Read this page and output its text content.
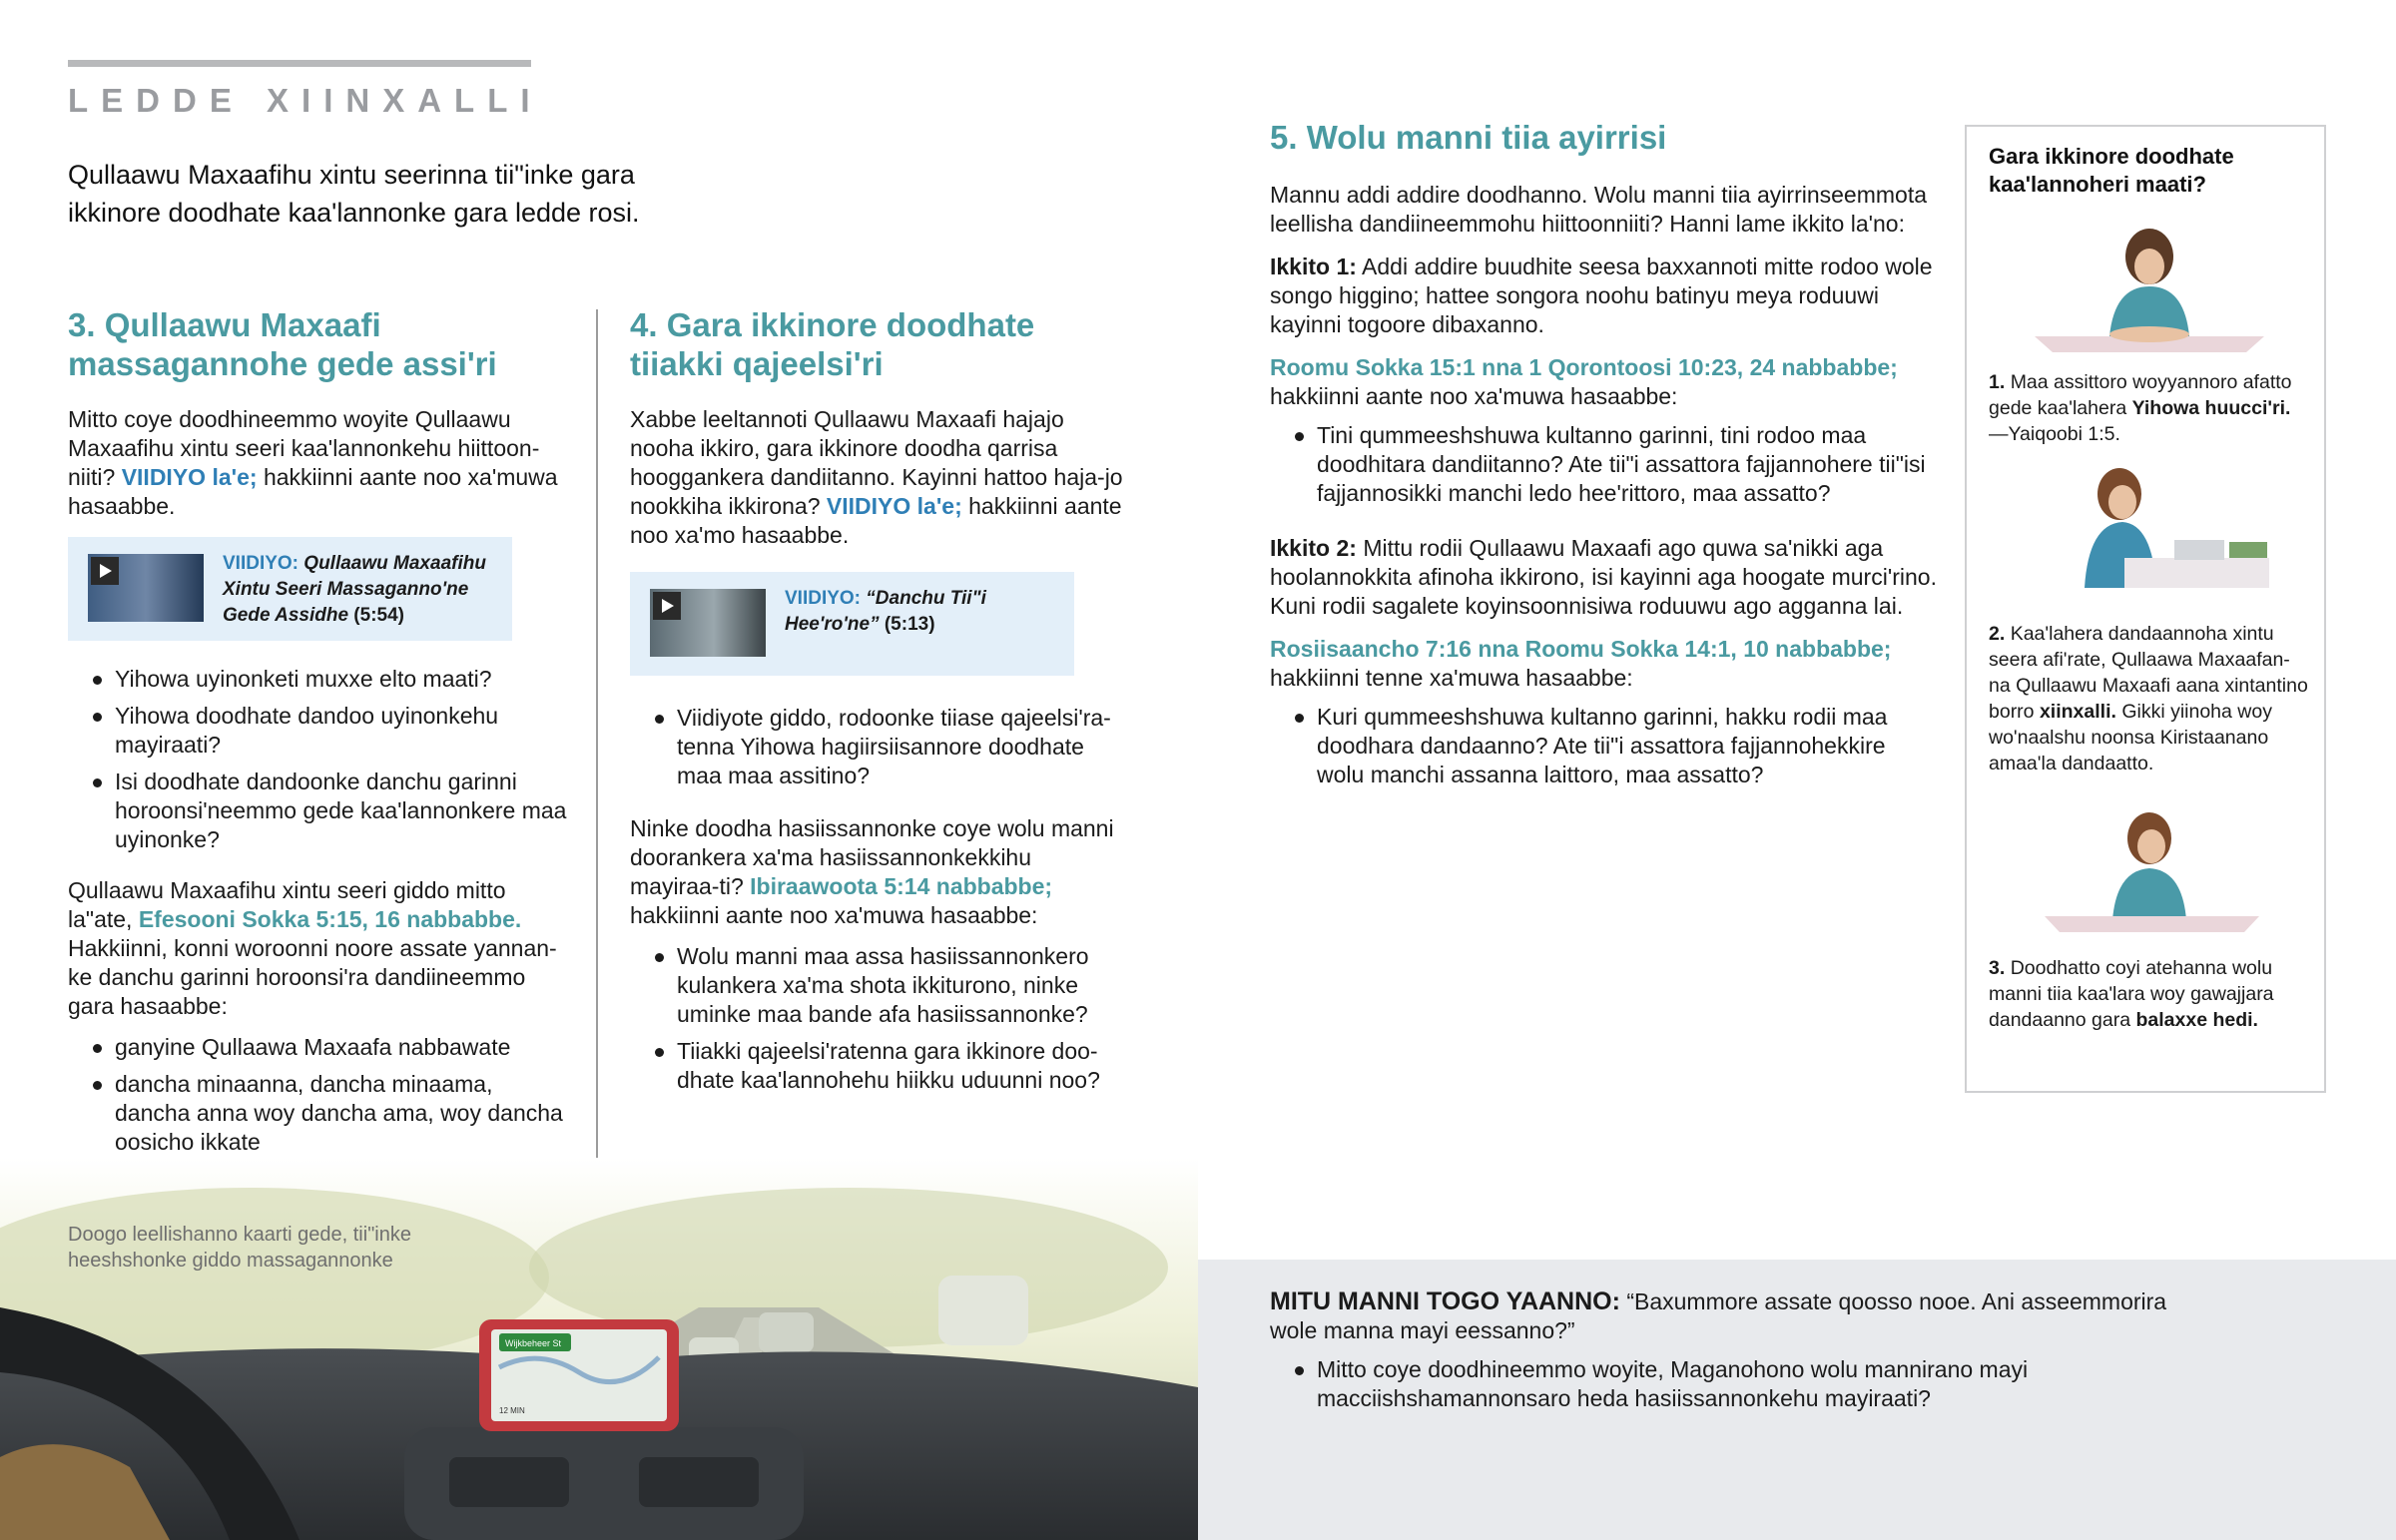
LEDDE XIINXALLI
Qullaawu Maxaafihu xintu seerinna tii"inke gara ikkinore doodhate kaa'lannonke gara ledde rosi.
3. Qullaawu Maxaafi massagannohe gede assi'ri

Mitto coye doodhineemmo woyite Qullaawu Maxaafihu xintu seeri kaa'lannonkehu hiittoon-niiti? VIIDIYO la'e; hakkiinni aante noo xa'muwa hasaabbe.

VIIDIYO: Qullaawu Maxaafihu Xintu Seeri Massaganno'ne Gede Assidhe (5:54)
Yihowa uyinonketi muxxe elto maati?
Yihowa doodhate dandoo uyinonkehu mayiraati?
Isi doodhate dandoonke danchu garinni horoonsi'neemmo gede kaa'lannonkere maa uyinonke?

Qullaawu Maxaafihu xintu seeri giddo mitto la"ate, Efesooni Sokka 5:15, 16 nabbabbe. Hakkiinni, konni woroonni noore assate yannan-ke danchu garinni horoonsi'ra dandiineemmo gara hasaabbe:

ganyine Qullaawa Maxaafa nabbawate
dancha minaanna, dancha minaama, dancha anna woy dancha ama, woy dancha oosicho ikkate
4. Gara ikkinore doodhate tiiakki qajeelsi'ri

Xabbe leeltannoti Qullaawu Maxaafi hajajo nooha ikkiro, gara ikkinore doodha qarrisa hooggankera dandiitanno. Kayinni hattoo haja-jo nookkiha ikkirona? VIIDIYO la'e; hakkiinni aante noo xa'mo hasaabbe.

VIIDIYO: “Danchu Tii"i Hee'ro'ne” (5:13)
Viidiyote giddo, rodoonke tiiase qajeelsi'ra-tenna Yihowa hagiirsiisannore doodhate maa maa assitino?

Ninke doodha hasiissannonke coye wolu manni doorankera xa'ma hasiissannonkekkihu mayiraa-ti? Ibiraawoota 5:14 nabbabbe; hakkiinni aante noo xa'muwa hasaabbe:

Wolu manni maa assa hasiissannonkero kulankera xa'ma shota ikkiturono, ninke uminke maa bande afa hasiissannonke?
Tiiakki qajeelsi'ratenna gara ikkinore doo-dhate kaa'lannohehu hiikku uduunni noo?
Wijkbeheer St
12 MIN
Doogo leellishanno kaarti gede, tii"inke heeshshonke giddo massagannonke
5. Wolu manni tiia ayirrisi

Mannu addi addire doodhanno. Wolu manni tiia ayirrinseemmota leellisha dandiineemmohu hiittoonniiti? Hanni lame ikkito la'no:

Ikkito 1: Addi addire buudhite seesa baxxannoti mitte rodoo wole songo higgino; hattee songora noohu batinyu meya roduuwi kayinni togoore dibaxanno.

Roomu Sokka 15:1 nna 1 Qorontoosi 10:23, 24 nabbabbe; hakkiinni aante noo xa'muwa hasaabbe:

Tini qummeeshshuwa kultanno garinni, tini rodoo maa doodhitara dandiitanno? Ate tii"i assattora fajjannohere tii"isi fajjannosikki manchi ledo hee'rittoro, maa assatto?

Ikkito 2: Mittu rodii Qullaawu Maxaafi ago quwa sa'nikki aga hoolannokkita afinoha ikkirono, isi kayinni aga hoogate murci'rino. Kuni rodii sagalete koyinsoonnisiwa roduuwu ago agganna lai.

Rosiisaancho 7:16 nna Roomu Sokka 14:1, 10 nabbabbe; hakkiinni tenne xa'muwa hasaabbe:

Kuri qummeeshshuwa kultanno garinni, hakku rodii maa doodhara dandaanno? Ate tii"i assattora fajjannohekkire wolu manchi assanna laittoro, maa assatto?
Gara ikkinore doodhate kaa'lannoheri maati?
1. Maa assittoro woyyannoro afatto gede kaa'lahera Yihowa huucci'ri.—Yaiqoobi 1:5.
2. Kaa'lahera dandaannoha xintu seera afi'rate, Qullaawa Maxaafan-na Qullaawu Maxaafi aana xintantino borro xiinxalli. Gikki yiinoha woy wo'naalshu noonsa Kiristaanano amaa'la dandaatto.
3. Doodhatto coyi atehanna wolu manni tiia kaa'lara woy gawajjara dandaanno gara balaxxe hedi.
MITU MANNI TOGO YAANNO: “Baxummore assate qoosso nooe. Ani asseemmorira wole manna mayi eessanno?”
Mitto coye doodhineemmo woyite, Maganohono wolu mannirano mayi macciishshamannonsaro heda hasiissannonkehu mayiraati?
